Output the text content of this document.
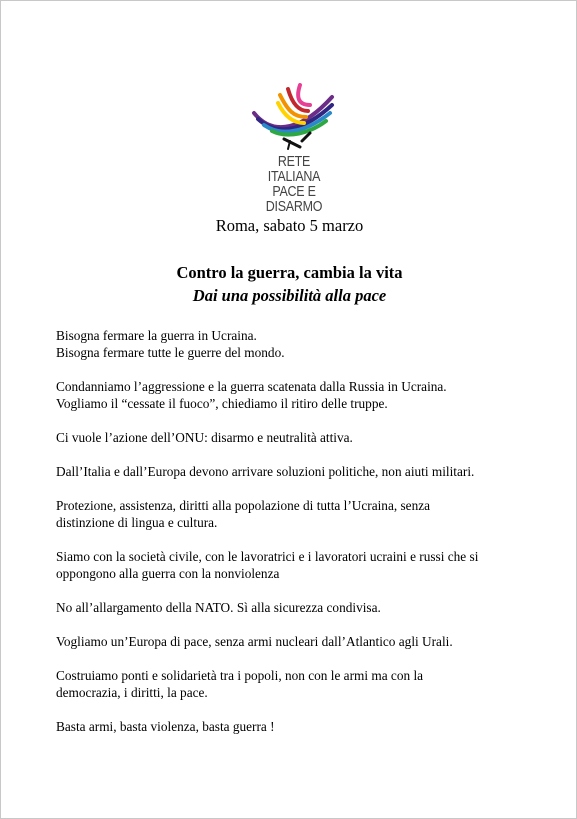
RETE ITALIANA
PACE E DISARMO
Roma, sabato 5 marzo
Contro la guerra, cambia la vita
Dai una possibilità alla pace

Bisogna fermare la guerra in Ucraina.
Bisogna fermare tutte le guerre del mondo.

Condanniamo l’aggressione e la guerra scatenata dalla Russia in Ucraina.
Vogliamo il “cessate il fuoco”, chiediamo il ritiro delle truppe.

Ci vuole l’azione dell’ONU: disarmo e neutralità attiva.

Dall’Italia e dall’Europa devono arrivare soluzioni politiche, non aiuti militari.

Protezione, assistenza, diritti alla popolazione di tutta l’Ucraina, senza
distinzione di lingua e cultura.

Siamo con la società civile, con le lavoratrici e i lavoratori ucraini e russi che si
oppongono alla guerra con la nonviolenza

No all’allargamento della NATO. Sì alla sicurezza condivisa.

Vogliamo un’Europa di pace, senza armi nucleari dall’Atlantico agli Urali.

Costruiamo ponti e solidarietà tra i popoli, non con le armi ma con la
democrazia, i diritti, la pace.

Basta armi, basta violenza, basta guerra !
